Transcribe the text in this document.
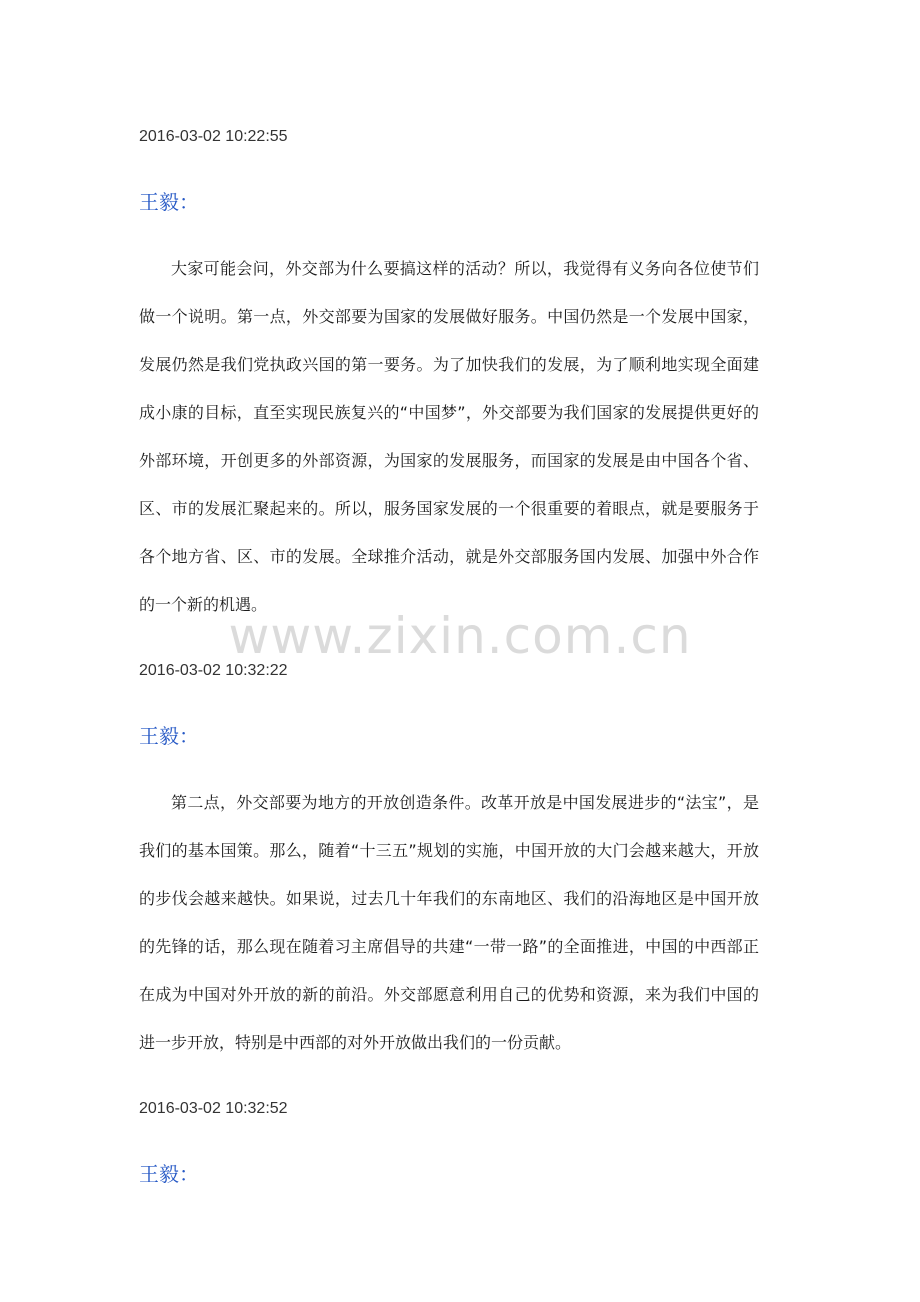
2016-03-02 10:22:55
王毅：

大家可能会问，外交部为什么要搞这样的活动？所以，我觉得有义务向各位使节们做一个说明。第一点，外交部要为国家的发展做好服务。中国仍然是一个发展中国家，发展仍然是我们党执政兴国的第一要务。为了加快我们的发展，为了顺利地实现全面建成小康的目标，直至实现民族复兴的“中国梦”，外交部要为我们国家的发展提供更好的外部环境，开创更多的外部资源，为国家的发展服务，而国家的发展是由中国各个省、区、市的发展汇聚起来的。所以，服务国家发展的一个很重要的着眼点，就是要服务于各个地方省、区、市的发展。全球推介活动，就是外交部服务国内发展、加强中外合作的一个新的机遇。

2016-03-02 10:32:22
王毅：

第二点，外交部要为地方的开放创造条件。改革开放是中国发展进步的“法宝”，是我们的基本国策。那么，随着“十三五”规划的实施，中国开放的大门会越来越大，开放的步伐会越来越快。如果说，过去几十年我们的东南地区、我们的沿海地区是中国开放的先锋的话，那么现在随着习主席倡导的共建“一带一路”的全面推进，中国的中西部正在成为中国对外开放的新的前沿。外交部愿意利用自己的优势和资源，来为我们中国的进一步开放，特别是中西部的对外开放做出我们的一份贡献。

2016-03-02 10:32:52
王毅：
www.zixin.com.cn
